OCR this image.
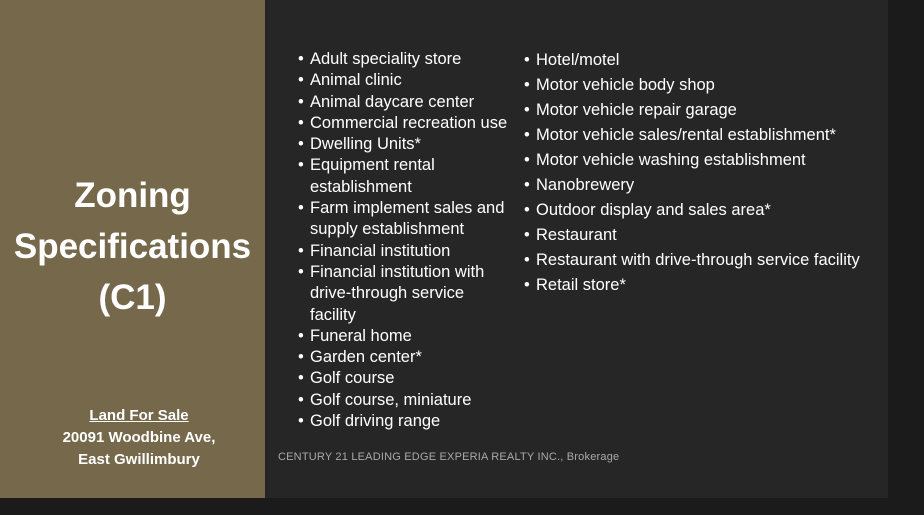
Zoning
Specifications
(C1)
Land For Sale
20091 Woodbine Ave,
East Gwillimbury
• Adult speciality store
• Animal clinic
• Animal daycare center
• Commercial recreation use
• Dwelling Units*
• Equipment rental establishment
• Farm implement sales and supply establishment
• Financial institution
• Financial institution with drive-through service facility
• Funeral home
• Garden center*
• Golf course
• Golf course, miniature
• Golf driving range
• Hotel/motel
• Motor vehicle body shop
• Motor vehicle repair garage
• Motor vehicle sales/rental establishment*
• Motor vehicle washing establishment
• Nanobrewery
• Outdoor display and sales area*
• Restaurant
• Restaurant with drive-through service facility
• Retail store*
CENTURY 21 LEADING EDGE EXPERIA REALTY INC., Brokerage
